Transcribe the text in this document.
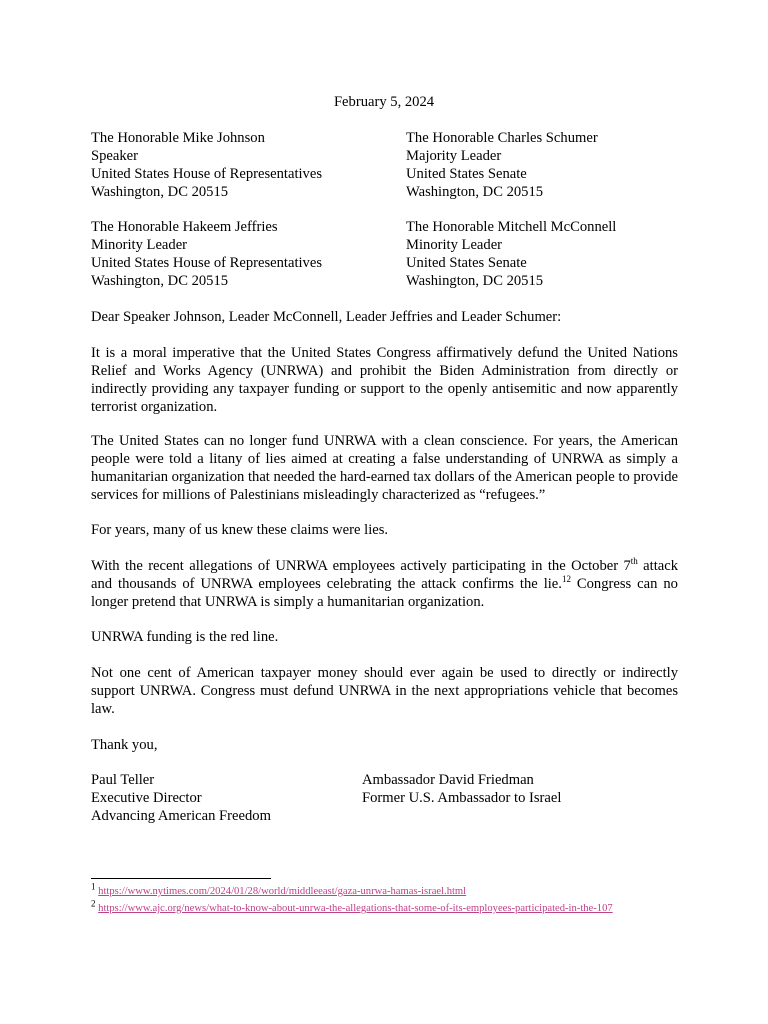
February 5, 2024
The Honorable Mike Johnson
Speaker
United States House of Representatives
Washington, DC 20515
The Honorable Charles Schumer
Majority Leader
United States Senate
Washington, DC 20515
The Honorable Hakeem Jeffries
Minority Leader
United States House of Representatives
Washington, DC 20515
The Honorable Mitchell McConnell
Minority Leader
United States Senate
Washington, DC 20515
Dear Speaker Johnson, Leader McConnell, Leader Jeffries and Leader Schumer:
It is a moral imperative that the United States Congress affirmatively defund the United Nations Relief and Works Agency (UNRWA) and prohibit the Biden Administration from directly or indirectly providing any taxpayer funding or support to the openly antisemitic and now apparently terrorist organization.
The United States can no longer fund UNRWA with a clean conscience. For years, the American people were told a litany of lies aimed at creating a false understanding of UNRWA as simply a humanitarian organization that needed the hard-earned tax dollars of the American people to provide services for millions of Palestinians misleadingly characterized as “refugees.”
For years, many of us knew these claims were lies.
With the recent allegations of UNRWA employees actively participating in the October 7th attack and thousands of UNRWA employees celebrating the attack confirms the lie.$^{12}$ Congress can no longer pretend that UNRWA is simply a humanitarian organization.
UNRWA funding is the red line.
Not one cent of American taxpayer money should ever again be used to directly or indirectly support UNRWA. Congress must defund UNRWA in the next appropriations vehicle that becomes law.
Thank you,
Paul Teller
Executive Director
Advancing American Freedom
Ambassador David Friedman
Former U.S. Ambassador to Israel
$^1$ https://www.nytimes.com/2024/01/28/world/middleeast/gaza-unrwa-hamas-israel.html
$^2$ https://www.ajc.org/news/what-to-know-about-unrwa-the-allegations-that-some-of-its-employees-participated-in-the-107
